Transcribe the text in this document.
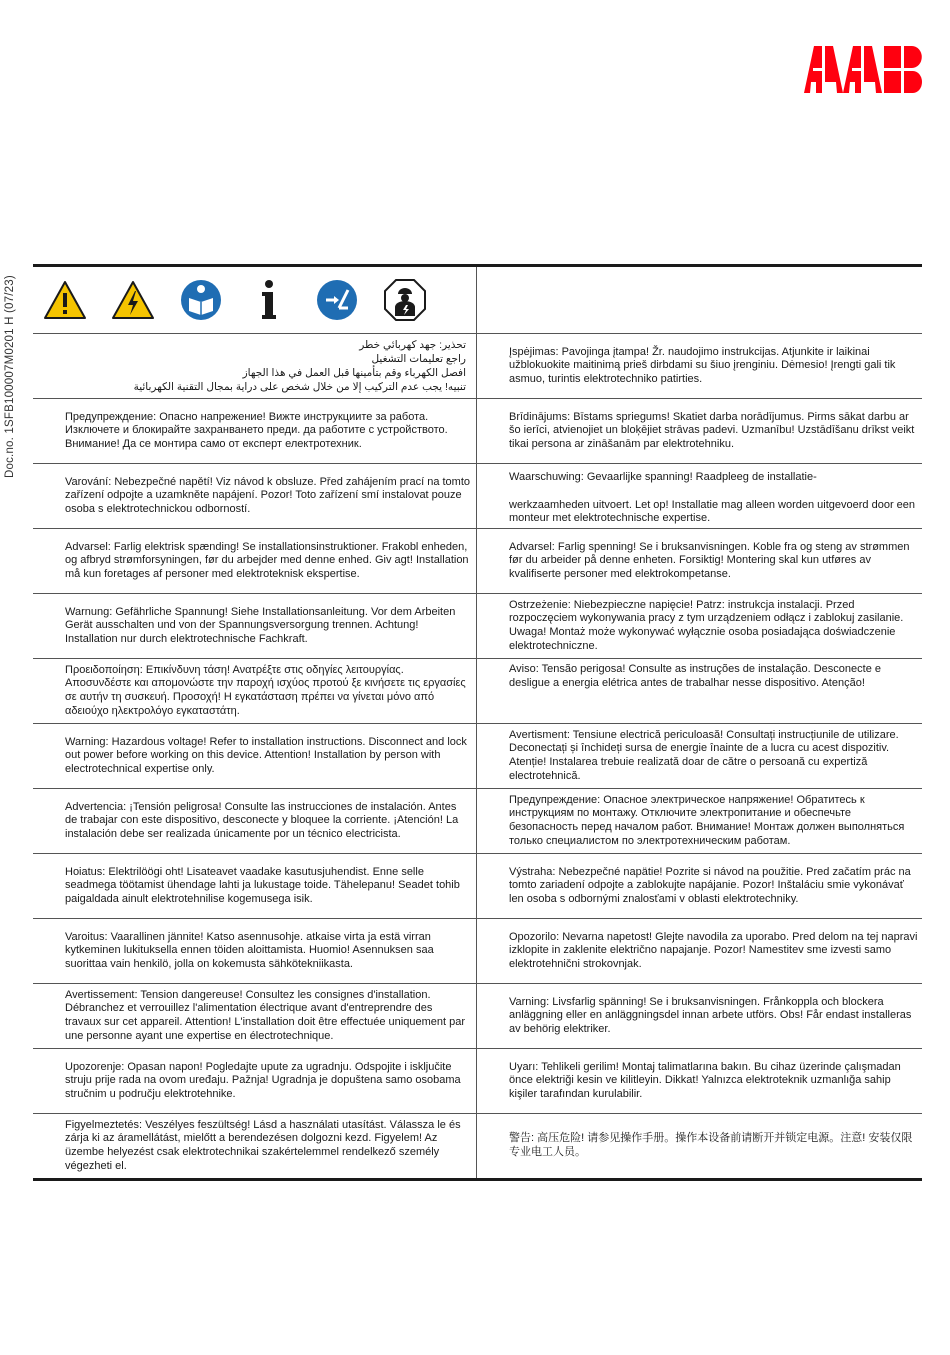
Doc.no. 1SFB100007M0201 H (07/23)	تحذير: جهد كهربائي خطر
راجع تعليمات التشغيل
افصل الكهرباء وقم بتأمينها قبل العمل في هذا الجهاز
تنبيه! يجب عدم التركيب إلا من خلال شخص على دراية بمجال التقنية الكهربائية
Įspėjimas: Pavojinga įtampa! Žr. naudojimo instrukcijas. Atjunkite ir laikinai užblokuokite maitinimą prieš dirbdami su šiuo įrenginiu. Dėmesio! Įrengti gali tik asmuo, turintis elektrotechniko patirties.
Предупреждение: Опасно напрежение! Вижте инструкциите за работа. Изключете и блокирайте захранването преди. да работите с устройството. Внимание! Да се монтира само от експерт електротехник.
Brīdinājums: Bīstams spriegums! Skatiet darba norādījumus. Pirms sākat darbu ar šo ierīci, atvienojiet un bloķējiet strāvas padevi. Uzmanību! Uzstādīšanu drīkst veikt tikai persona ar zināšanām par elektrotehniku.
Varování: Nebezpečné napětí! Viz návod k obsluze. Před zahájením prací na tomto zařízení odpojte a uzamkněte napájení. Pozor! Toto zařízení smí instalovat pouze osoba s elektrotechnickou odborností.
Waarschuwing: Gevaarlijke spanning! Raadpleeg de installatie-
werkzaamheden uitvoert. Let op! Installatie mag alleen worden uitgevoerd door een monteur met elektrotechnische expertise.
Advarsel: Farlig elektrisk spænding! Se installationsinstruktioner. Frakobl enheden, og afbryd strømforsyningen, før du arbejder med denne enhed. Giv agt! Installation må kun foretages af personer med elektroteknisk ekspertise.
Advarsel: Farlig spenning! Se i bruksanvisningen. Koble fra og steng av strømmen før du arbeider på denne enheten. Forsiktig! Montering skal kun utføres av kvalifiserte personer med elektrokompetanse.
Warnung: Gefährliche Spannung! Siehe Installationsanleitung. Vor dem Arbeiten Gerät ausschalten und von der Spannungsversorgung trennen. Achtung! Installation nur durch elektrotechnische Fachkraft.
Ostrzeżenie: Niebezpieczne napięcie! Patrz: instrukcja instalacji. Przed rozpoczęciem wykonywania pracy z tym urządzeniem odłącz i zablokuj zasilanie. Uwaga! Montaż może wykonywać wyłącznie osoba posiadająca doświadczenie elektrotechniczne.
Προειδοποίηση: Επικίνδυνη τάση! Ανατρέξτε στις οδηγίες λειτουργίας. Αποσυνδέστε και απομονώστε την παροχή ισχύος προτού ξε κινήσετε τις εργασίες σε αυτήν τη συσκευή. Προσοχή! Η εγκατάσταση πρέπει να γίνεται μόνο από αδειούχο ηλεκτρολόγο εγκαταστάτη.
Aviso: Tensão perigosa! Consulte as instruções de instalação. Desconecte e desligue a energia elétrica antes de trabalhar nesse dispositivo. Atenção!
Warning: Hazardous voltage! Refer to installation instructions. Disconnect and lock out power before working on this device. Attention! Installation by person with electrotechnical expertise only.
Avertisment: Tensiune electrică periculoasă! Consultați instrucțiunile de utilizare. Deconectați și închideți sursa de energie înainte de a lucra cu acest dispozitiv. Atenție! Instalarea trebuie realizată doar de către o persoană cu expertiză electrotehnică.
Advertencia: ¡Tensión peligrosa! Consulte las instrucciones de instalación. Antes de trabajar con este dispositivo, desconecte y bloquee la corriente. ¡Atención! La instalación debe ser realizada únicamente por un técnico electricista.
Предупреждение: Опасное электрическое напряжение! Обратитесь к инструкциям по монтажу. Отключите электропитание и обеспечьте безопасность перед началом работ. Внимание! Монтаж должен выполняться только специалистом по электротехническим работам.
Hoiatus: Elektrilöögi oht! Lisateavet vaadake kasutusjuhendist. Enne selle seadmega töötamist ühendage lahti ja lukustage toide. Tähelepanu! Seadet tohib paigaldada ainult elektrotehnilise kogemusega isik.
Výstraha: Nebezpečné napätie! Pozrite si návod na použitie. Pred začatím prác na tomto zariadení odpojte a zablokujte napájanie. Pozor! Inštaláciu smie vykonávať len osoba s odbornými znalosťami v oblasti elektrotechniky.
Varoitus: Vaarallinen jännite! Katso asennusohje. atkaise virta ja estä virran kytkeminen lukituksella ennen töiden aloittamista. Huomio! Asennuksen saa suorittaa vain henkilö, jolla on kokemusta sähkötekniikasta.
Opozorilo: Nevarna napetost! Glejte navodila za uporabo. Pred delom na tej napravi izklopite in zaklenite električno napajanje. Pozor! Namestitev sme izvesti samo elektrotehnični strokovnjak.
Avertissement: Tension dangereuse! Consultez les consignes d'installation. Débranchez et verrouillez l'alimentation électrique avant d'entreprendre des travaux sur cet appareil. Attention! L'installation doit être effectuée uniquement par une personne ayant une expertise en électrotechnique.
Varning: Livsfarlig spänning! Se i bruksanvisningen. Frånkoppla och blockera anläggning eller en anläggningsdel innan arbete utförs. Obs! Får endast installeras av behörig elektriker.
Upozorenje: Opasan napon! Pogledajte upute za ugradnju. Odspojite i isključite struju prije rada na ovom uređaju. Pažnja! Ugradnja je dopuštena samo osobama stručnim u području elektrotehnike.
Uyarı: Tehlikeli gerilim! Montaj talimatlarına bakın. Bu cihaz üzerinde çalışmadan önce elektriği kesin ve kilitleyin. Dikkat! Yalnızca elektroteknik uzmanlığa sahip kişiler tarafından kurulabilir.
Figyelmeztetés: Veszélyes feszültség! Lásd a használati utasítást. Válassza le és zárja ki az áramellátást, mielőtt a berendezésen dolgozni kezd. Figyelem! Az üzembe helyezést csak elektrotechnikai szakértelemmel rendelkező személy végezheti el.
警告: 高压危险! 请参见操作手册。操作本设备前请断开并锁定电源。注意! 安装仅限专业电工人员。
